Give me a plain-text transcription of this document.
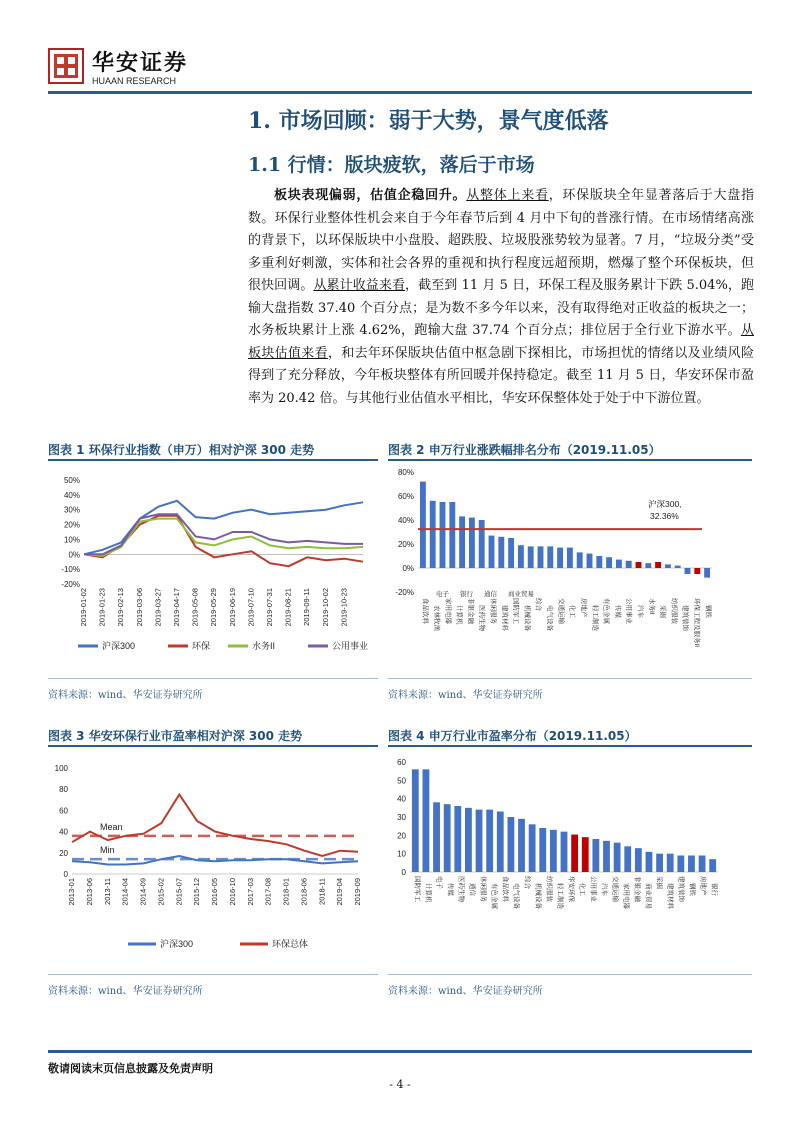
华安证券
HUAAN RESEARCH
1. 市场回顾：弱于大势，景气度低落
1.1 行情：版块疲软，落后于市场
板块表现偏弱，估值企稳回升。从整体上来看，环保版块全年显著落后于大盘指数。环保行业整体性机会来自于今年春节后到 4 月中下旬的普涨行情。在市场情绪高涨的背景下，以环保版块中小盘股、超跌股、垃圾股涨势较为显著。7 月，“垃圾分类”受多重利好刺激，实体和社会各界的重视和执行程度远超预期，燃爆了整个环保板块，但很快回调。从累计收益来看，截至到 11 月 5 日，环保工程及服务累计下跌 5.04%，跑输大盘指数 37.40 个百分点；是为数不多今年以来，没有取得绝对正收益的板块之一；水务板块累计上涨 4.62%，跑输大盘 37.74 个百分点；排位居于全行业下游水平。从板块估值来看，和去年环保版块估值中枢急剧下探相比，市场担忧的情绪以及业绩风险得到了充分释放，今年板块整体有所回暖并保持稳定。截至 11 月 5 日，华安环保市盈率为 20.42 倍。与其他行业估值水平相比，华安环保整体处于处于中下游位置。
图表 1 环保行业指数（申万）相对沪深 300 走势
-20%
-10%
0%
10%
20%
30%
40%
50%
2019-01-02 2019-01-23 2019-02-13 2019-03-06 2019-03-27 2019-04-17 2019-05-08 2019-05-29 2019-06-19 2019-07-10 2019-07-31 2019-08-21 2019-09-11 2019-10-02 2019-10-23
沪深300	环保	水务II	公用事业
资料来源：wind、华安证券研究所
图表 2 申万行业涨跌幅排名分布（2019.11.05）
-20%
0%
20%
40%
60%
80%
沪深300,
32.36%
食品饮料 农林牧渔 家用电器 计算机 非银金融 医药生物 休闲服务 建筑材料 国防军工 机械设备
综合
电气设备 交通运输 化工 房地产 轻工制造 有色金属 传媒 公用事业 汽车 水务II 采掘 纺织服装 建筑装饰 环保工程及服务II 钢铁
电子 银行 通信 商业贸易
资料来源：wind、华安证券研究所
图表 3 华安环保行业市盈率相对沪深 300 走势
0
20
40
60
80
100
2013-01 2013-06 2013-11 2014-04 2014-09 2015-02 2015-07 2015-12 2016-05 2016-10 2017-03 2017-08 2018-01 2018-06 2018-11 2019-04 2019-09
Mean
Min
沪深300	环保总体
资料来源：wind、华安证券研究所
图表 4 申万行业市盈率分布（2019.11.05）
0
10
20
30
40
50
60
国防军工 计算机
电子
传媒 医药生物 通信 休闲服务 有色金属 食品饮料 电气设备
综合
机械设备 纺织服装 轻工制造 华安环保 化工 公用事业 汽车 交通运输 家用电器 非银金融 商业贸易
采掘
建筑材料 建筑装饰 钢铁 房地产 银行
资料来源：wind、华安证券研究所
敬请阅读末页信息披露及免责声明
- 4 -
